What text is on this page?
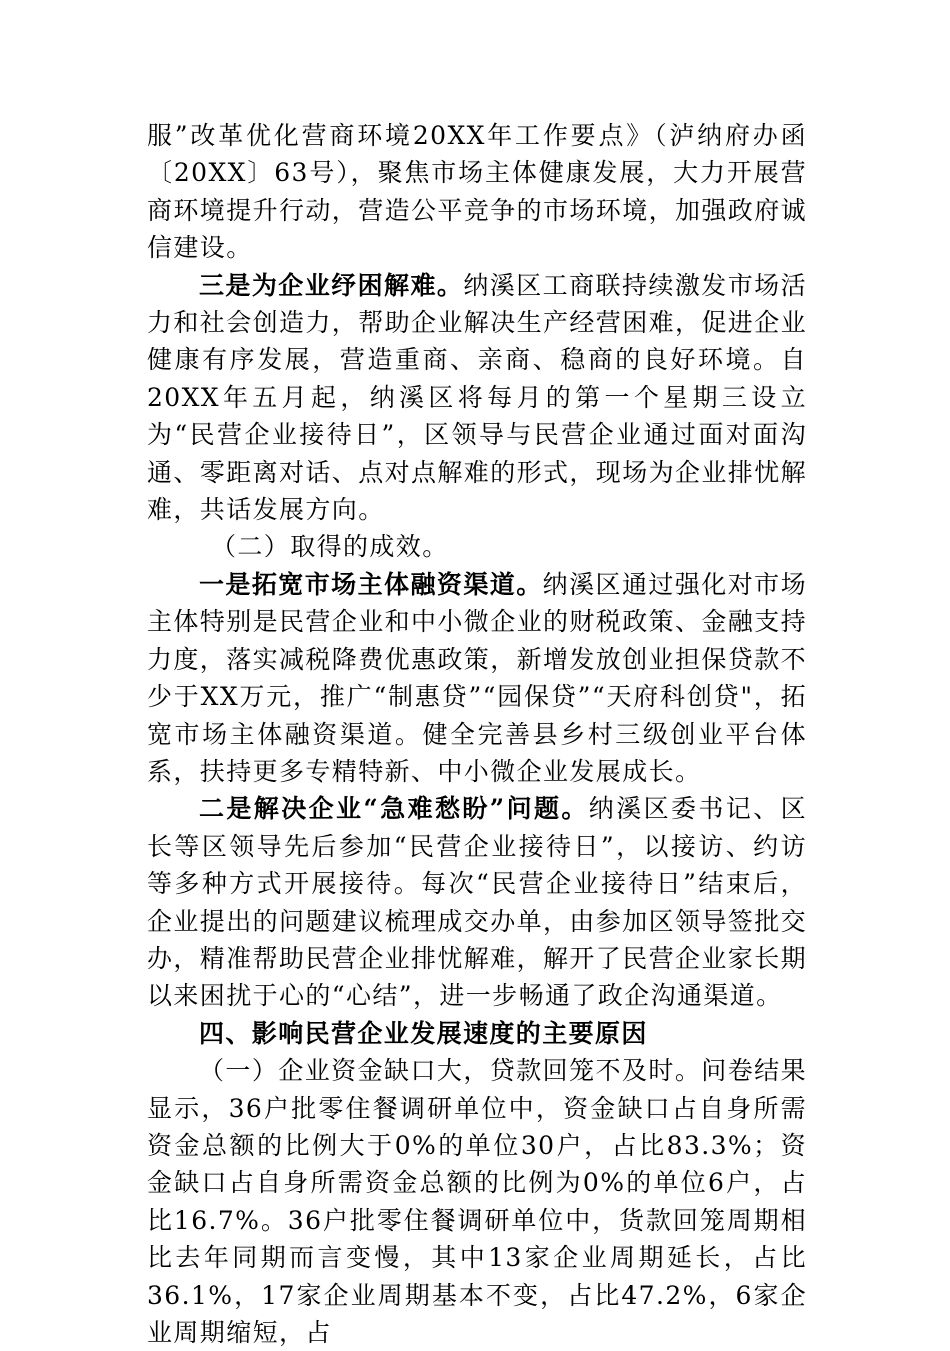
服”改革优化营商环境20XX年工作要点》（泸纳府办函〔20XX〕63号），聚焦市场主体健康发展，大力开展营商环境提升行动，营造公平竞争的市场环境，加强政府诚信建设。

三是为企业纾困解难。纳溪区工商联持续激发市场活力和社会创造力，帮助企业解决生产经营困难，促进企业健康有序发展，营造重商、亲商、稳商的良好环境。自20XX年五月起，纳溪区将每月的第一个星期三设立为“民营企业接待日”，区领导与民营企业通过面对面沟通、零距离对话、点对点解难的形式，现场为企业排忧解难，共话发展方向。

（二）取得的成效。

一是拓宽市场主体融资渠道。纳溪区通过强化对市场主体特别是民营企业和中小微企业的财税政策、金融支持力度，落实减税降费优惠政策，新增发放创业担保贷款不少于XX万元，推广“制惠贷”“园保贷”“天府科创贷"，拓宽市场主体融资渠道。健全完善县乡村三级创业平台体系，扶持更多专精特新、中小微企业发展成长。

二是解决企业“急难愁盼”问题。纳溪区委书记、区长等区领导先后参加“民营企业接待日”，以接访、约访等多种方式开展接待。每次“民营企业接待日”结束后，企业提出的问题建议梳理成交办单，由参加区领导签批交办，精准帮助民营企业排忧解难，解开了民营企业家长期以来困扰于心的“心结”，进一步畅通了政企沟通渠道。

四、影响民营企业发展速度的主要原因

（一）企业资金缺口大，贷款回笼不及时。问卷结果显示，36户批零住餐调研单位中，资金缺口占自身所需资金总额的比例大于0%的单位30户，占比83.3%；资金缺口占自身所需资金总额的比例为0%的单位6户，占比16.7%。36户批零住餐调研单位中，货款回笼周期相比去年同期而言变慢，其中13家企业周期延长，占比36.1%，17家企业周期基本不变，占比47.2%，6家企业周期缩短，占
